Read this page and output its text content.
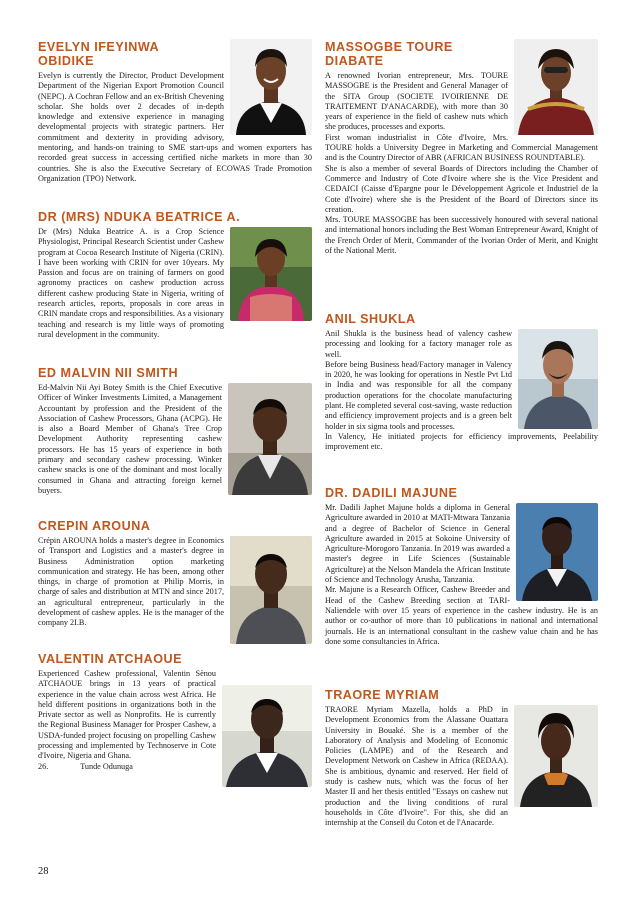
EVELYN IFEYINWA
OBIDIKE
Evelyn is currently the Director, Product Development Department of the Nigerian Export Promotion Council (NEPC). A Cochran Fellow and an ex-British Chevening scholar. She holds over 2 decades of in-depth knowledge and extensive experience in managing developmental projects with strategic partners. Her commitment and dexterity in providing advisory, mentoring, and hands-on training to SME start-ups and women exporters has recorded great success in accessing certified niche markets in more than 30 countries. She is also the Executive Secretary of ECOWAS Trade Promotion Organization (TPO) Network.
DR (MRS) NDUKA BEATRICE A.
Dr (Mrs) Nduka Beatrice A. is a Crop Science Physiologist, Principal Research Scientist under Cashew program at Cocoa Research Institute of Nigeria (CRIN). I have been working with CRIN for over 10years. My Passion and focus are on training of farmers on good agronomy practices on cashew production across different cashew producing State in Nigeria, writing of research articles, reports, proposals in core areas in CRIN mandate crops and responsibilities. As a visionary teaching and research is my little ways of promoting rural development in the community.
ED MALVIN NII SMITH
Ed-Malvin Nii Ayi Botey Smith is the Chief Executive Officer of Winker Investments Limited, a Management Accountant by profession and the President of the Association of Cashew Processors, Ghana (ACPG). He is also a Board Member of Ghana's Tree Crop Development Authority representing cashew processors. He has 15 years of experience in both primary and secondary cashew processing. Winker cashew snacks is one of the dominant and most locally consumed in Ghana and attracting foreign kernel buyers.
CREPIN AROUNA
Crépin AROUNA holds a master's degree in Economics of Transport and Logistics and a master's degree in Business Administration option marketing communication and strategy. He has been, among other things, in charge of promotion at Philip Morris, in charge of sales and distribution at MTN and since 2017, an agricultural entrepreneur, particularly in the development of cashew apples. He is the manager of the company 2I.B.
VALENTIN ATCHAOUE
Experienced Cashew professional, Valentin Sènou ATCHAOUE brings in 13 years of practical experience in the value chain across west Africa. He held different positions in organizations both in the Private sector as well as Nonprofits. He is currently the Regional Business Manager for Prosper Cashew, a USDA-funded project focusing on propelling Cashew processing and implemented by Technoserve in Cote d'Ivoire, Nigeria and Ghana.
26.	Tunde Odunuga
MASSOGBE TOURE
DIABATE

A renowned Ivorian entrepreneur, Mrs. TOURE MASSOGBE is the President and General Manager of the SITA Group (SOCIETE IVOIRIENNE DE TRAITEMENT D'ANACARDE), with more than 30 years of experience in the field of cashew nuts which she produces, processes and exports.

First woman industrialist in Côte d'Ivoire, Mrs. TOURE holds a University Degree in Marketing and Commercial Management and is the Country Director of ABR (AFRICAN BUSINESS ROUNDTABLE).

She is also a member of several Boards of Directors including the Chamber of Commerce and Industry of Cote d'Ivoire where she is the Vice President and CEDAICI (Caisse d'Epargne pour le Développement Agricole et Industriel de la Cote d'Ivoire) where she is the President of the Board of Directors since its creation.

Mrs. TOURE MASSOGBE has been successively honoured with several national and international honors including the Best Woman Entrepreneur Award, Knight of the French Order of Merit, Commander of the Ivorian Order of Merit, and Knight of the National Merit.

ANIL SHUKLA

Anil Shukla is the business head of valency cashew processing and looking for a factory manager role as well.

Before being Business head/Factory manager in Valency in 2020, he was looking for operations in Nestle Pvt Ltd in India and was responsible for all the company production operations for the chocolate manufacturing plant. He completed several cost-saving, waste reduction and efficiency improvement projects and is a green belt holder in six sigma tools and processes.

In Valency, He initiated projects for efficiency improvements, Peelability improvement etc.

DR. DADILI MAJUNE

Mr. Dadili Japhet Majune holds a diploma in General Agriculture awarded in 2010 at MATI-Mtwara Tanzania and a degree of Bachelor of Science in General Agriculture awarded in 2015 at Sokoine University of Agriculture-Morogoro Tanzania. In 2019 was awarded a master's degree in Life Sciences (Sustainable Agriculture) at the Nelson Mandela the African Institute of Science and Technology Arusha, Tanzania.

Mr. Majune is a Research Officer, Cashew Breeder and Head of the Cashew Breeding section at TARI-Naliendele with over 15 years of experience in the cashew industry. He is an author or co-author of more than 10 publications in national and international journals. He is an international consultant in the cashew value chain and he has done some consultancies in Africa.

TRAORE MYRIAM
TRAORE Myriam Mazella, holds a PhD in Development Economics from the Alassane Ouattara University in Bouaké. She is a member of the Laboratory of Analysis and Modeling of Economic Policies (LAMPE) and of the Research and Development Network on Cashew in Africa (REDAA). She is ambitious, dynamic and reserved. Her field of study is cashew nuts, which was the focus of her Master II and her thesis entitled "Essays on cashew nut production and the living conditions of rural households in Côte d'Ivoire". For this, she did an internship at the Conseil du Coton et de l'Anacarde.
28
